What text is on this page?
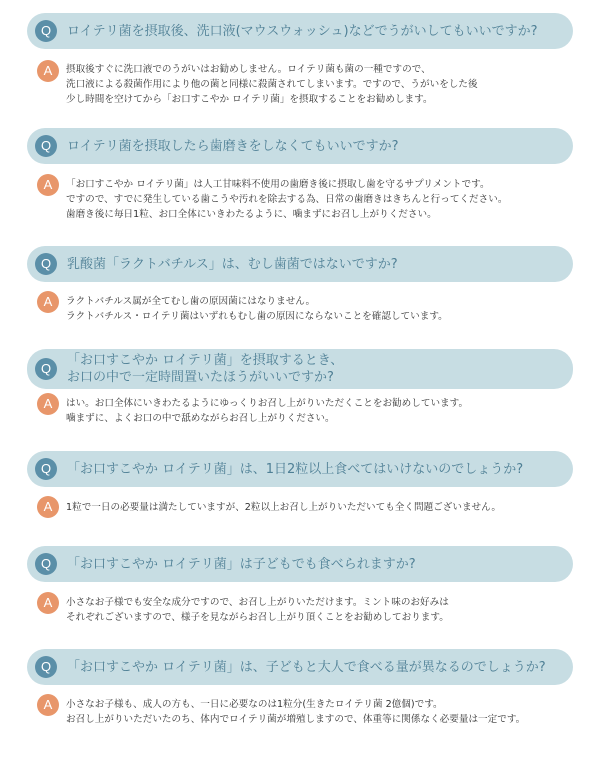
Q	ロイテリ菌を摂取後、洗口液(マウスウォッシュ)などでうがいしてもいいですか?
A	摂取後すぐに洗口液でのうがいはお勧めしません。ロイテリ菌も菌の一種ですので、
洗口液による殺菌作用により他の菌と同様に殺菌されてしまいます。ですので、うがいをした後
少し時間を空けてから「お口すこやか ロイテリ菌」を摂取することをお勧めします。
Q	ロイテリ菌を摂取したら歯磨きをしなくてもいいですか?
A	「お口すこやか ロイテリ菌」は人工甘味料不使用の歯磨き後に摂取し歯を守るサプリメントです。
ですので、すでに発生している歯こうや汚れを除去する為、日常の歯磨きはきちんと行ってください。
歯磨き後に毎日1粒、お口全体にいきわたるように、噛まずにお召し上がりください。
Q	乳酸菌「ラクトバチルス」は、むし歯菌ではないですか?
A	ラクトバチルス属が全てむし歯の原因菌にはなりません。
ラクトバチルス・ロイテリ菌はいずれもむし歯の原因にならないことを確認しています。
Q
「お口すこやか ロイテリ菌」を摂取するとき、
お口の中で一定時間置いたほうがいいですか?
A	はい。お口全体にいきわたるようにゆっくりお召し上がりいただくことをお勧めしています。
噛まずに、よくお口の中で舐めながらお召し上がりください。
Q	「お口すこやか ロイテリ菌」は、1日2粒以上食べてはいけないのでしょうか?
A	1粒で一日の必要量は満たしていますが、2粒以上お召し上がりいただいても全く問題ございません。
Q	「お口すこやか ロイテリ菌」は子どもでも食べられますか?
A	小さなお子様でも安全な成分ですので、お召し上がりいただけます。ミント味のお好みは
それぞれございますので、様子を見ながらお召し上がり頂くことをお勧めしております。
Q	「お口すこやか ロイテリ菌」は、子どもと大人で食べる量が異なるのでしょうか?
A	小さなお子様も、成人の方も、一日に必要なのは1粒分(生きたロイテリ菌 2億個)です。
お召し上がりいただいたのち、体内でロイテリ菌が増殖しますので、体重等に関係なく必要量は一定です。
